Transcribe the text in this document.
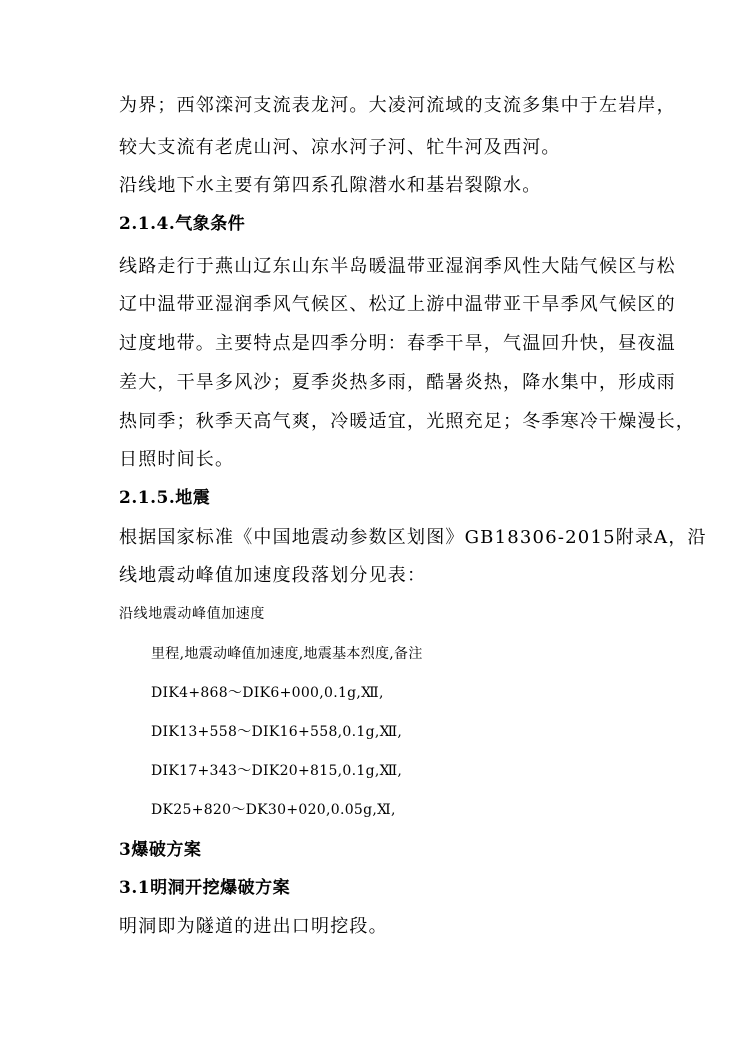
为界；西邻滦河支流表龙河。大凌河流域的支流多集中于左岩岸，
较大支流有老虎山河、凉水河子河、牤牛河及西河。
沿线地下水主要有第四系孔隙潜水和基岩裂隙水。
2.1.4.气象条件
线路走行于燕山辽东山东半岛暖温带亚湿润季风性大陆气候区与松
辽中温带亚湿润季风气候区、松辽上游中温带亚干旱季风气候区的
过度地带。主要特点是四季分明：春季干旱，气温回升快，昼夜温
差大，干旱多风沙；夏季炎热多雨，酷暑炎热，降水集中，形成雨
热同季；秋季天高气爽，冷暖适宜，光照充足；冬季寒冷干燥漫长，
日照时间长。
2.1.5.地震
根据国家标准《中国地震动参数区划图》GB18306-2015附录A，沿
线地震动峰值加速度段落划分见表：
沿线地震动峰值加速度
里程,地震动峰值加速度,地震基本烈度,备注
DIK4+868～DIK6+000,0.1g,Ⅻ,
DIK13+558～DIK16+558,0.1g,Ⅻ,
DIK17+343～DIK20+815,0.1g,Ⅻ,
DK25+820～DK30+020,0.05g,Ⅺ,
3爆破方案
3.1明洞开挖爆破方案
明洞即为隧道的进出口明挖段。
